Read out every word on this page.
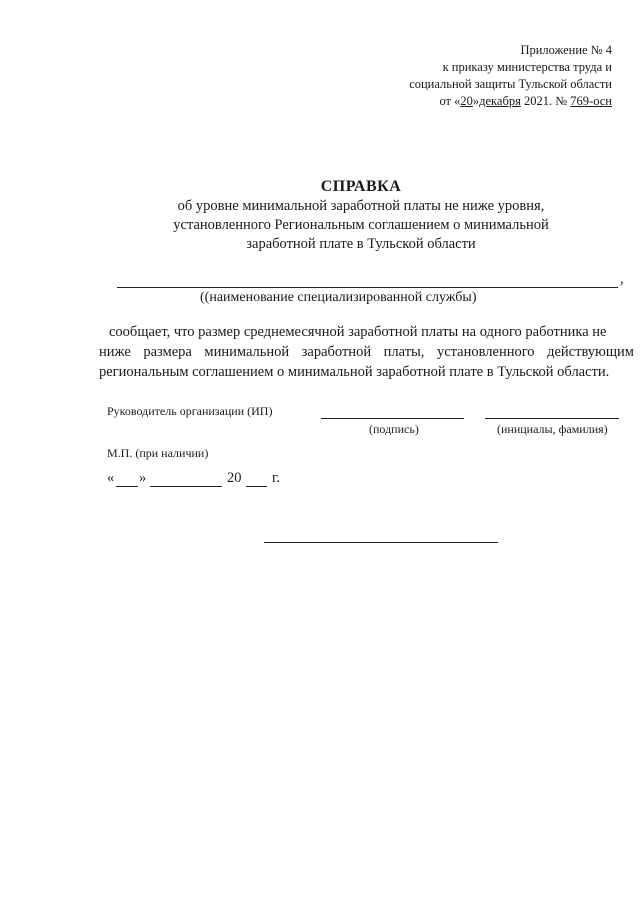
Приложение № 4
к приказу министерства труда и
социальной защиты Тульской области
от «20»декабря 2021. № 769-осн
СПРАВКА
об уровне минимальной заработной платы не ниже уровня,
установленного Региональным соглашением о минимальной
заработной плате в Тульской области
,
((наименование специализированной службы)
сообщает, что размер среднемесячной заработной платы на одного работника не
ниже размера минимальной заработной платы, установленного действующим
региональным соглашением о минимальной заработной плате в Тульской области.
Руководитель организации (ИП)
(подпись)	(инициалы, фамилия)
М.П. (при наличии)
« »	20 г.
